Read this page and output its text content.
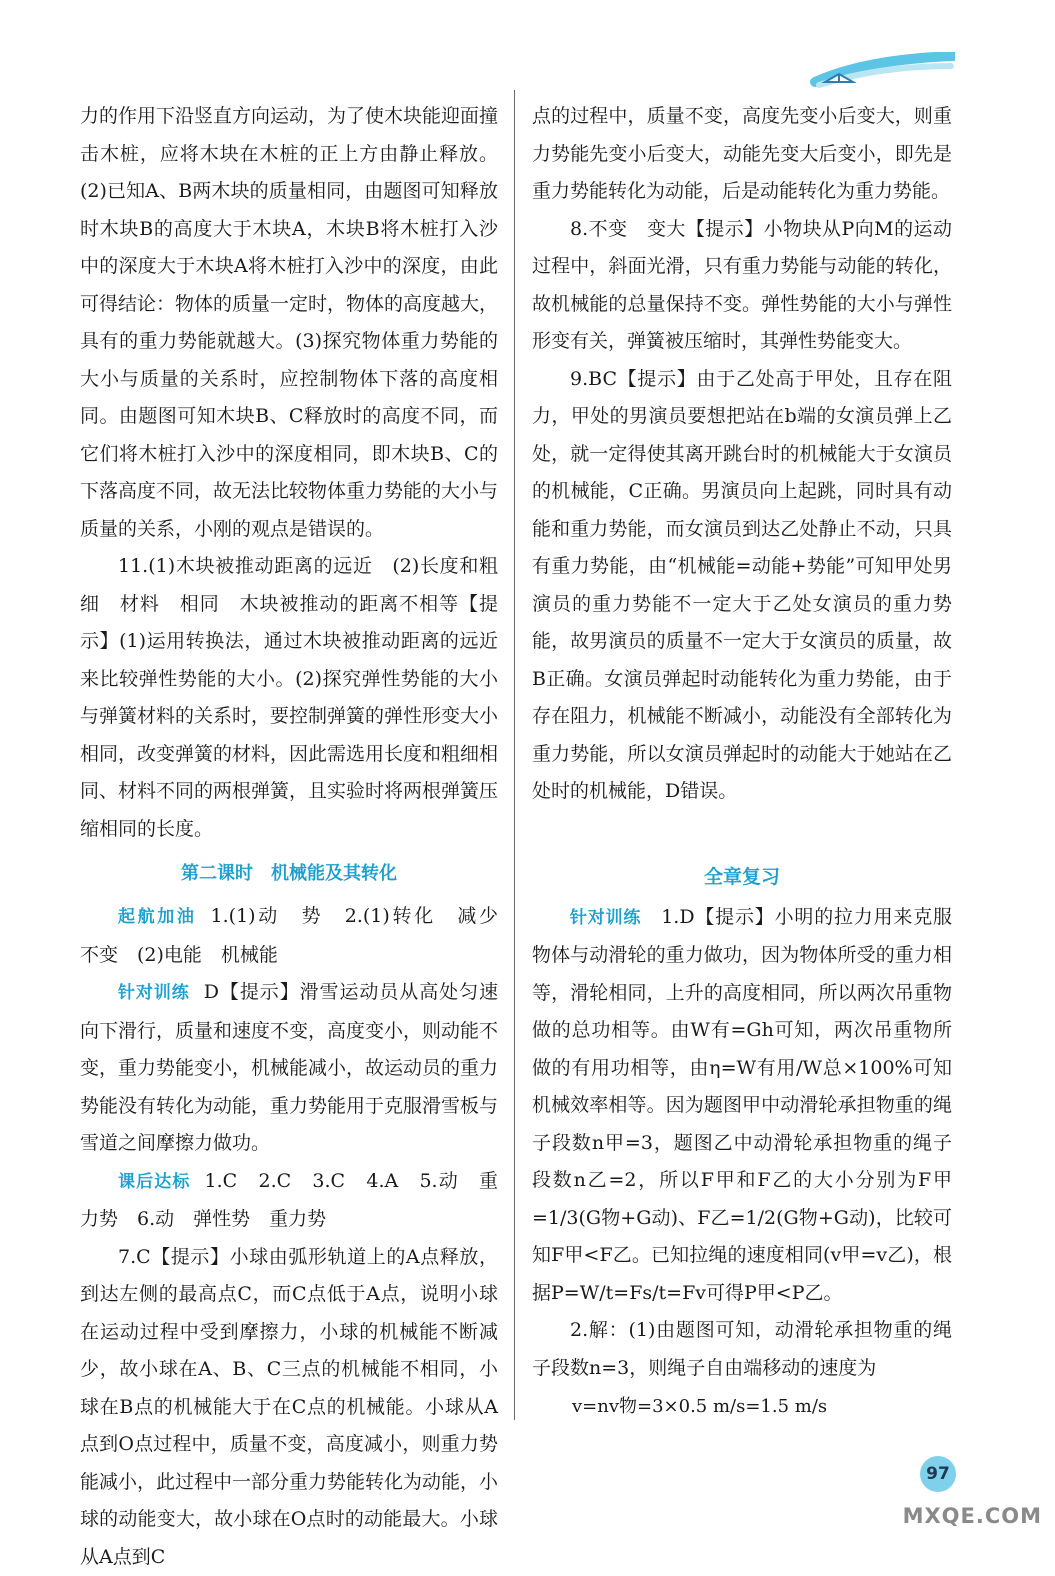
力的作用下沿竖直方向运动，为了使木块能迎面撞击木桩，应将木块在木桩的正上方由静止释放。(2)已知A、B两木块的质量相同，由题图可知释放时木块B的高度大于木块A，木块B将木桩打入沙中的深度大于木块A将木桩打入沙中的深度，由此可得结论：物体的质量一定时，物体的高度越大，具有的重力势能就越大。(3)探究物体重力势能的大小与质量的关系时，应控制物体下落的高度相同。由题图可知木块B、C释放时的高度不同，而它们将木桩打入沙中的深度相同，即木块B、C的下落高度不同，故无法比较物体重力势能的大小与质量的关系，小刚的观点是错误的。

11.(1)木块被推动距离的远近　(2)长度和粗细　材料　相同　木块被推动的距离不相等【提示】(1)运用转换法，通过木块被推动距离的远近来比较弹性势能的大小。(2)探究弹性势能的大小与弹簧材料的关系时，要控制弹簧的弹性形变大小相同，改变弹簧的材料，因此需选用长度和粗细相同、材料不同的两根弹簧，且实验时将两根弹簧压缩相同的长度。

第二课时　机械能及其转化

起航加油 1.(1)动　势　2.(1)转化　减少　不变　(2)电能　机械能

针对训练 D【提示】滑雪运动员从高处匀速向下滑行，质量和速度不变，高度变小，则动能不变，重力势能变小，机械能减小，故运动员的重力势能没有转化为动能，重力势能用于克服滑雪板与雪道之间摩擦力做功。

课后达标 1.C　2.C　3.C　4.A　5.动　重力势　6.动　弹性势　重力势

7.C【提示】小球由弧形轨道上的A点释放，到达左侧的最高点C，而C点低于A点，说明小球在运动过程中受到摩擦力，小球的机械能不断减少，故小球在A、B、C三点的机械能不相同，小球在B点的机械能大于在C点的机械能。小球从A点到O点过程中，质量不变，高度减小，则重力势能减小，此过程中一部分重力势能转化为动能，小球的动能变大，故小球在O点时的动能最大。小球从A点到C

点的过程中，质量不变，高度先变小后变大，则重力势能先变小后变大，动能先变大后变小，即先是重力势能转化为动能，后是动能转化为重力势能。

8.不变　变大【提示】小物块从P向M的运动过程中，斜面光滑，只有重力势能与动能的转化，故机械能的总量保持不变。弹性势能的大小与弹性形变有关，弹簧被压缩时，其弹性势能变大。

9.BC【提示】由于乙处高于甲处，且存在阻力，甲处的男演员要想把站在b端的女演员弹上乙处，就一定得使其离开跳台时的机械能大于女演员的机械能，C正确。男演员向上起跳，同时具有动能和重力势能，而女演员到达乙处静止不动，只具有重力势能，由“机械能=动能+势能”可知甲处男演员的重力势能不一定大于乙处女演员的重力势能，故男演员的质量不一定大于女演员的质量，故B正确。女演员弹起时动能转化为重力势能，由于存在阻力，机械能不断减小，动能没有全部转化为重力势能，所以女演员弹起时的动能大于她站在乙处时的机械能，D错误。

全章复习

针对训练 1.D【提示】小明的拉力用来克服物体与动滑轮的重力做功，因为物体所受的重力相等，滑轮相同，上升的高度相同，所以两次吊重物做的总功相等。由W有=Gh可知，两次吊重物所做的有用功相等，由η=W有用/W总×100%可知机械效率相等。因为题图甲中动滑轮承担物重的绳子段数n甲=3，题图乙中动滑轮承担物重的绳子段数n乙=2，所以F甲和F乙的大小分别为F甲=1/3(G物+G动)、F乙=1/2(G物+G动)，比较可知F甲<F乙。已知拉绳的速度相同(v甲=v乙)，根据P=W/t=Fs/t=Fv可得P甲<P乙。

2.解：(1)由题图可知，动滑轮承担物重的绳子段数n=3，则绳子自由端移动的速度为

v=nv物=3×0.5 m/s=1.5 m/s
MXQE.COM
97
